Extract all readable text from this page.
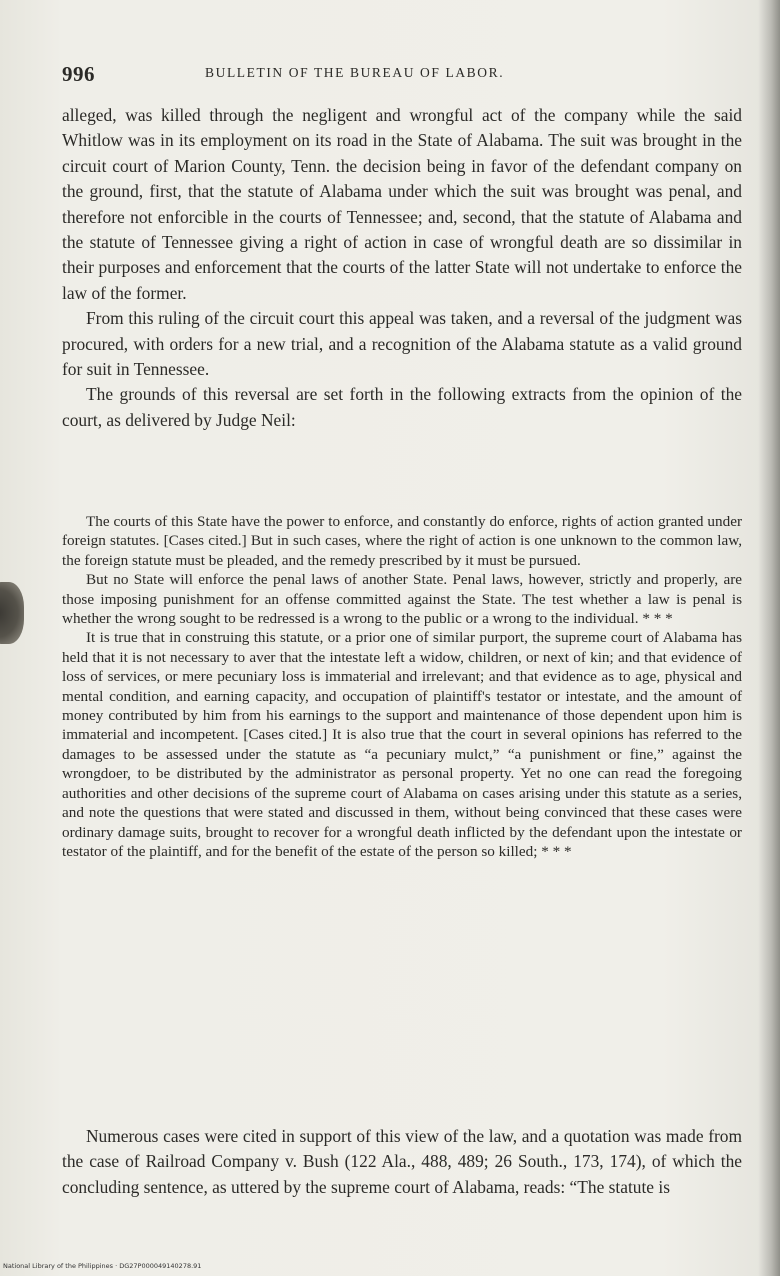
996	BULLETIN OF THE BUREAU OF LABOR.

alleged, was killed through the negligent and wrongful act of the company while the said Whitlow was in its employment on its road in the State of Alabama. The suit was brought in the circuit court of Marion County, Tenn. the decision being in favor of the defendant company on the ground, first, that the statute of Alabama under which the suit was brought was penal, and therefore not enforcible in the courts of Tennessee; and, second, that the statute of Alabama and the statute of Tennessee giving a right of action in case of wrongful death are so dissimilar in their purposes and enforcement that the courts of the latter State will not undertake to enforce the law of the former.

From this ruling of the circuit court this appeal was taken, and a reversal of the judgment was procured, with orders for a new trial, and a recognition of the Alabama statute as a valid ground for suit in Tennessee.

The grounds of this reversal are set forth in the following extracts from the opinion of the court, as delivered by Judge Neil:

The courts of this State have the power to enforce, and constantly do enforce, rights of action granted under foreign statutes. [Cases cited.] But in such cases, where the right of action is one unknown to the common law, the foreign statute must be pleaded, and the remedy prescribed by it must be pursued.

But no State will enforce the penal laws of another State. Penal laws, however, strictly and properly, are those imposing punishment for an offense committed against the State. The test whether a law is penal is whether the wrong sought to be redressed is a wrong to the public or a wrong to the individual. * * *

It is true that in construing this statute, or a prior one of similar purport, the supreme court of Alabama has held that it is not necessary to aver that the intestate left a widow, children, or next of kin; and that evidence of loss of services, or mere pecuniary loss is immaterial and irrelevant; and that evidence as to age, physical and mental condition, and earning capacity, and occupation of plaintiff's testator or intestate, and the amount of money contributed by him from his earnings to the support and maintenance of those dependent upon him is immaterial and incompetent. [Cases cited.] It is also true that the court in several opinions has referred to the damages to be assessed under the statute as “a pecuniary mulct,” “a punishment or fine,” against the wrongdoer, to be distributed by the administrator as personal property. Yet no one can read the foregoing authorities and other decisions of the supreme court of Alabama on cases arising under this statute as a series, and note the questions that were stated and discussed in them, without being convinced that these cases were ordinary damage suits, brought to recover for a wrongful death inflicted by the defendant upon the intestate or testator of the plaintiff, and for the benefit of the estate of the person so killed; * * *

Numerous cases were cited in support of this view of the law, and a quotation was made from the case of Railroad Company v. Bush (122 Ala., 488, 489; 26 South., 173, 174), of which the concluding sentence, as uttered by the supreme court of Alabama, reads: “The statute is

National Library of the Philippines · DG27P000049140278.91
